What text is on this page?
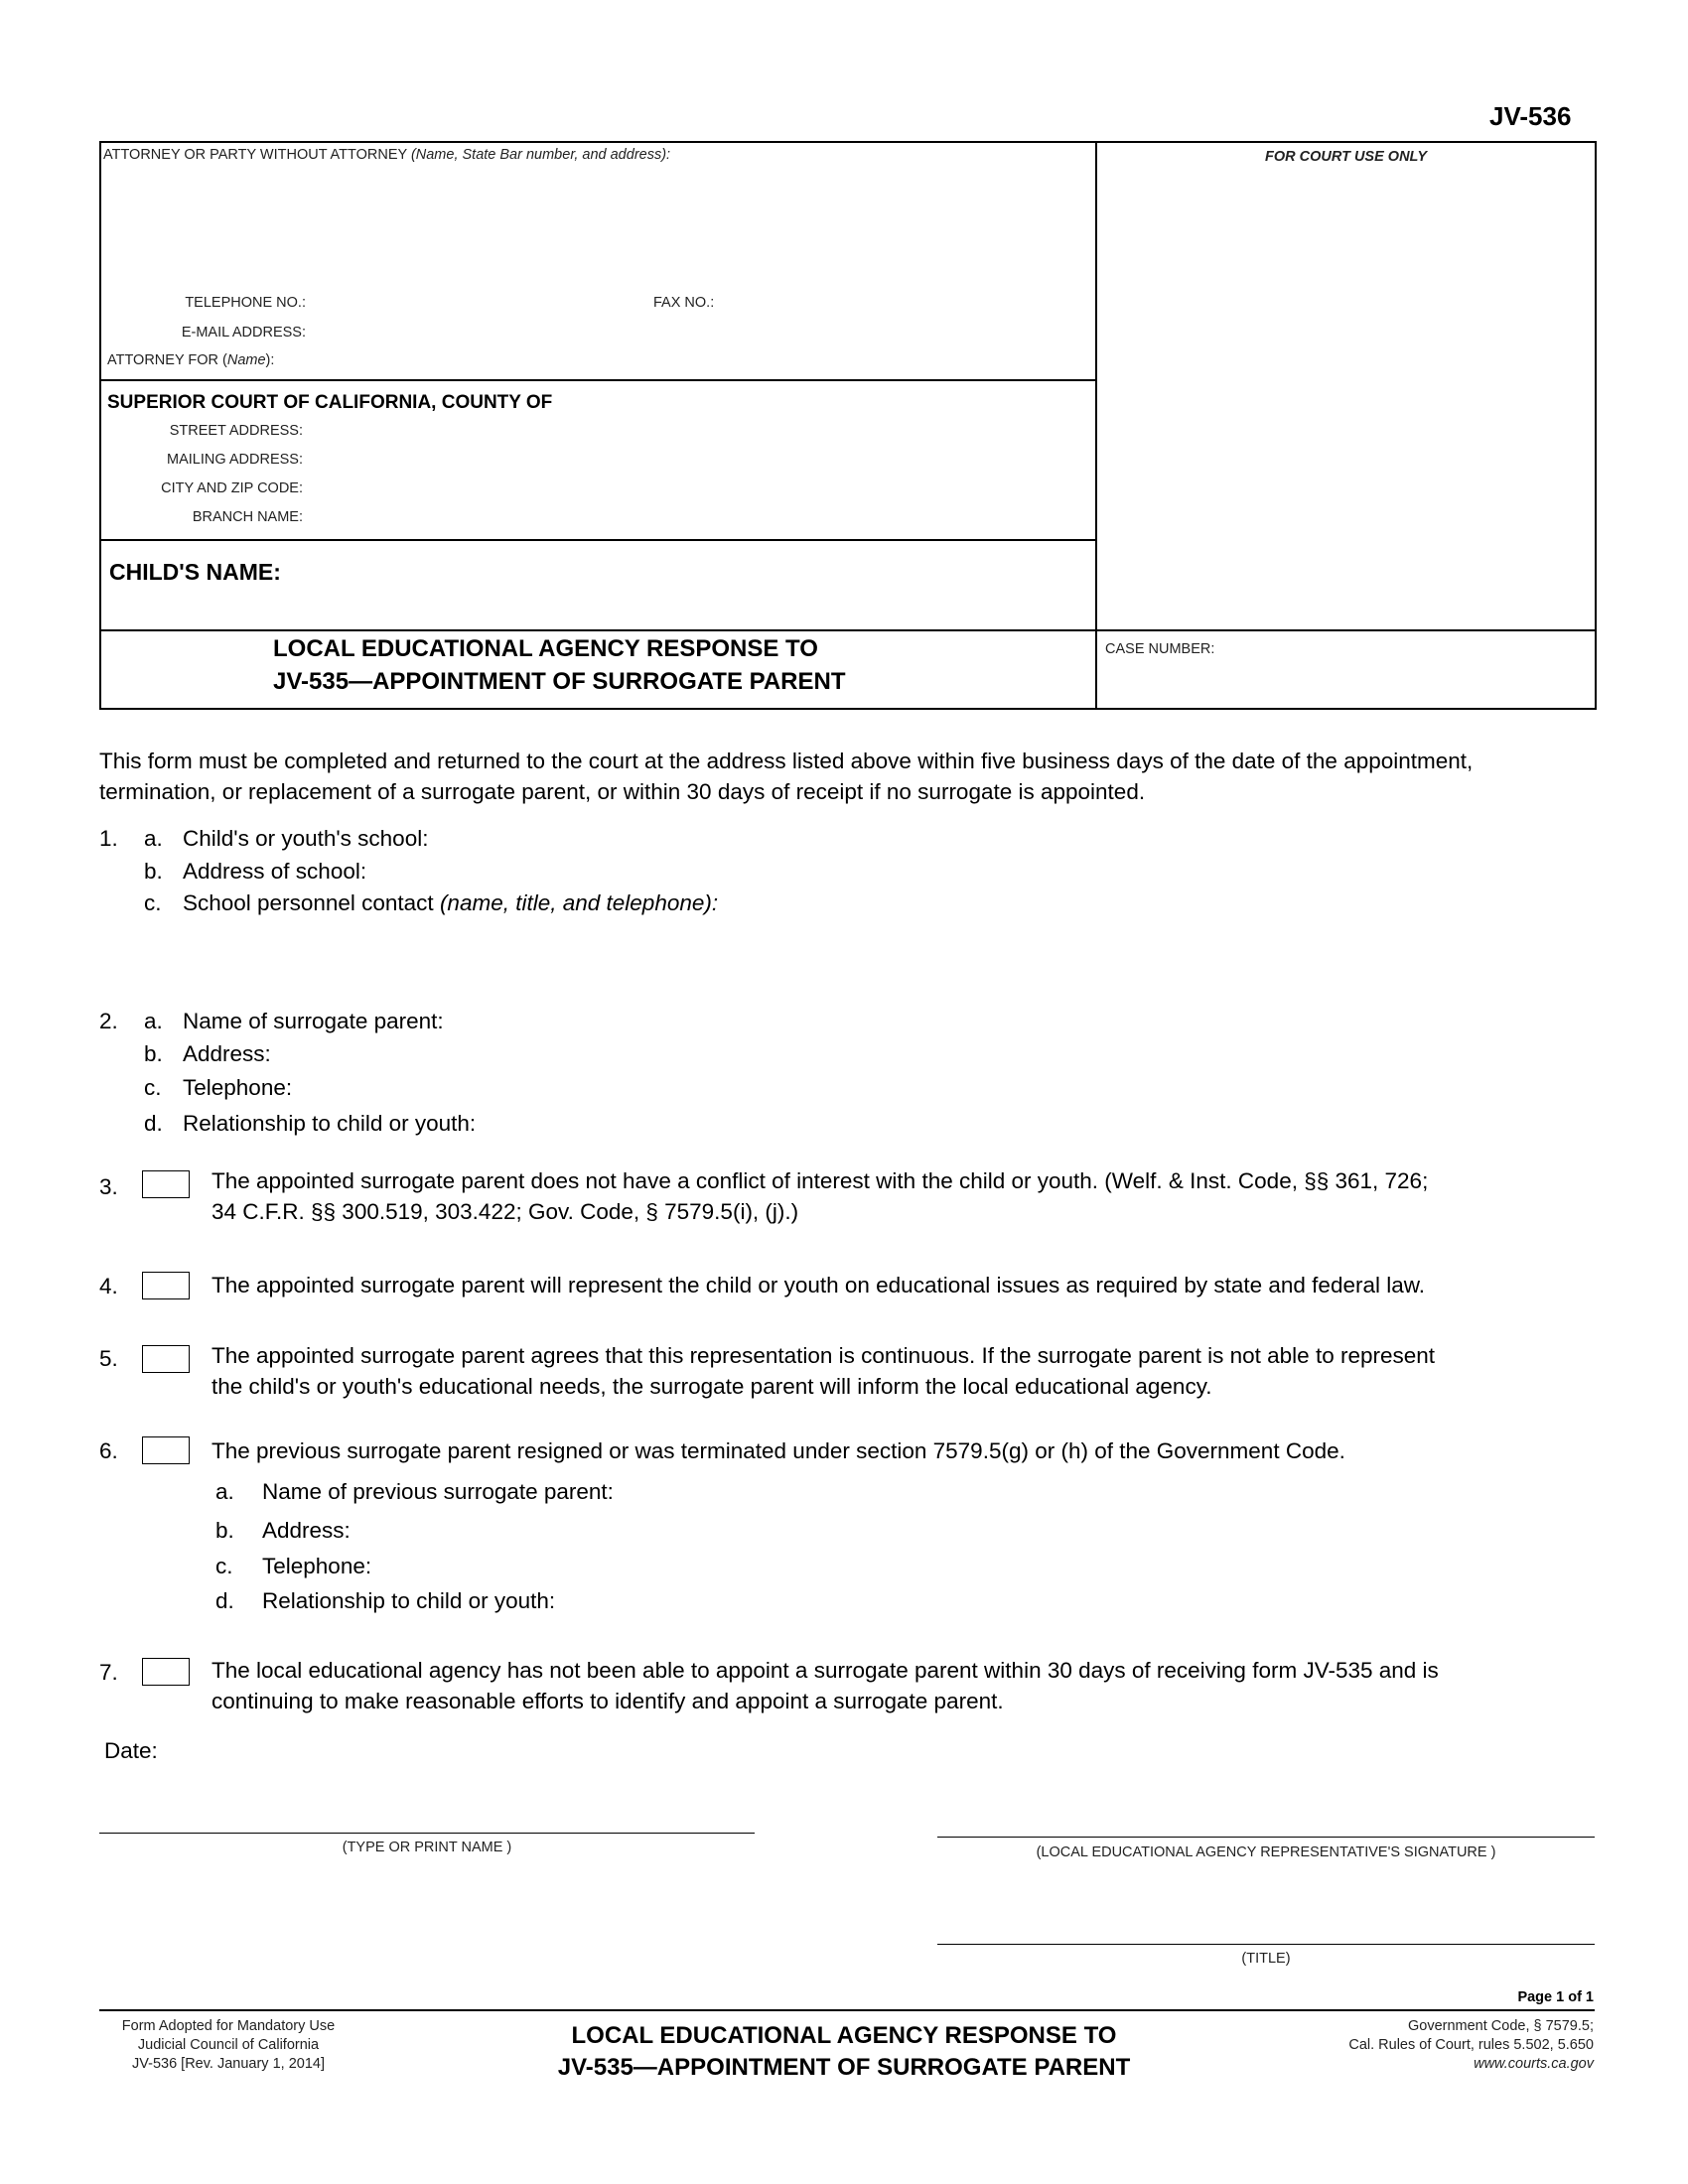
JV-536
ATTORNEY OR PARTY WITHOUT ATTORNEY (Name, State Bar number, and address):	FOR COURT USE ONLY
TELEPHONE NO.:	FAX NO.:
E-MAIL ADDRESS:
ATTORNEY FOR (Name):
SUPERIOR COURT OF CALIFORNIA, COUNTY OF
STREET ADDRESS:
MAILING ADDRESS:
CITY AND ZIP CODE:
BRANCH NAME:
CHILD'S NAME:
LOCAL EDUCATIONAL AGENCY RESPONSE TO
JV-535—APPOINTMENT OF SURROGATE PARENT
CASE NUMBER:
This form must be completed and returned to the court at the address listed above within five business days of the date of the appointment, termination, or replacement of a surrogate parent, or within 30 days of receipt if no surrogate is appointed.
1. a. Child's or youth's school:
b. Address of school:
c. School personnel contact (name, title, and telephone):
2. a. Name of surrogate parent:
b. Address:
c. Telephone:
d. Relationship to child or youth:
3.	The appointed surrogate parent does not have a conflict of interest with the child or youth. (Welf. & Inst. Code, §§ 361, 726;
34 C.F.R. §§ 300.519, 303.422; Gov. Code, § 7579.5(i), (j).)
4.	The appointed surrogate parent will represent the child or youth on educational issues as required by state and federal law.
5.	The appointed surrogate parent agrees that this representation is continuous. If the surrogate parent is not able to represent
the child's or youth's educational needs, the surrogate parent will inform the local educational agency.
6.	The previous surrogate parent resigned or was terminated under section 7579.5(g) or (h) of the Government Code.
a. Name of previous surrogate parent:
b. Address:
c. Telephone:
d. Relationship to child or youth:
7.	The local educational agency has not been able to appoint a surrogate parent within 30 days of receiving form JV-535 and is
continuing to make reasonable efforts to identify and appoint a surrogate parent.
Date:
(TYPE OR PRINT NAME )	(LOCAL EDUCATIONAL AGENCY REPRESENTATIVE'S SIGNATURE )
(TITLE)
Page 1 of 1
Form Adopted for Mandatory Use
Judicial Council of California
JV-536 [Rev. January 1, 2014]
LOCAL EDUCATIONAL AGENCY RESPONSE TO
JV-535—APPOINTMENT OF SURROGATE PARENT
Government Code, § 7579.5;
Cal. Rules of Court, rules 5.502, 5.650
www.courts.ca.gov
